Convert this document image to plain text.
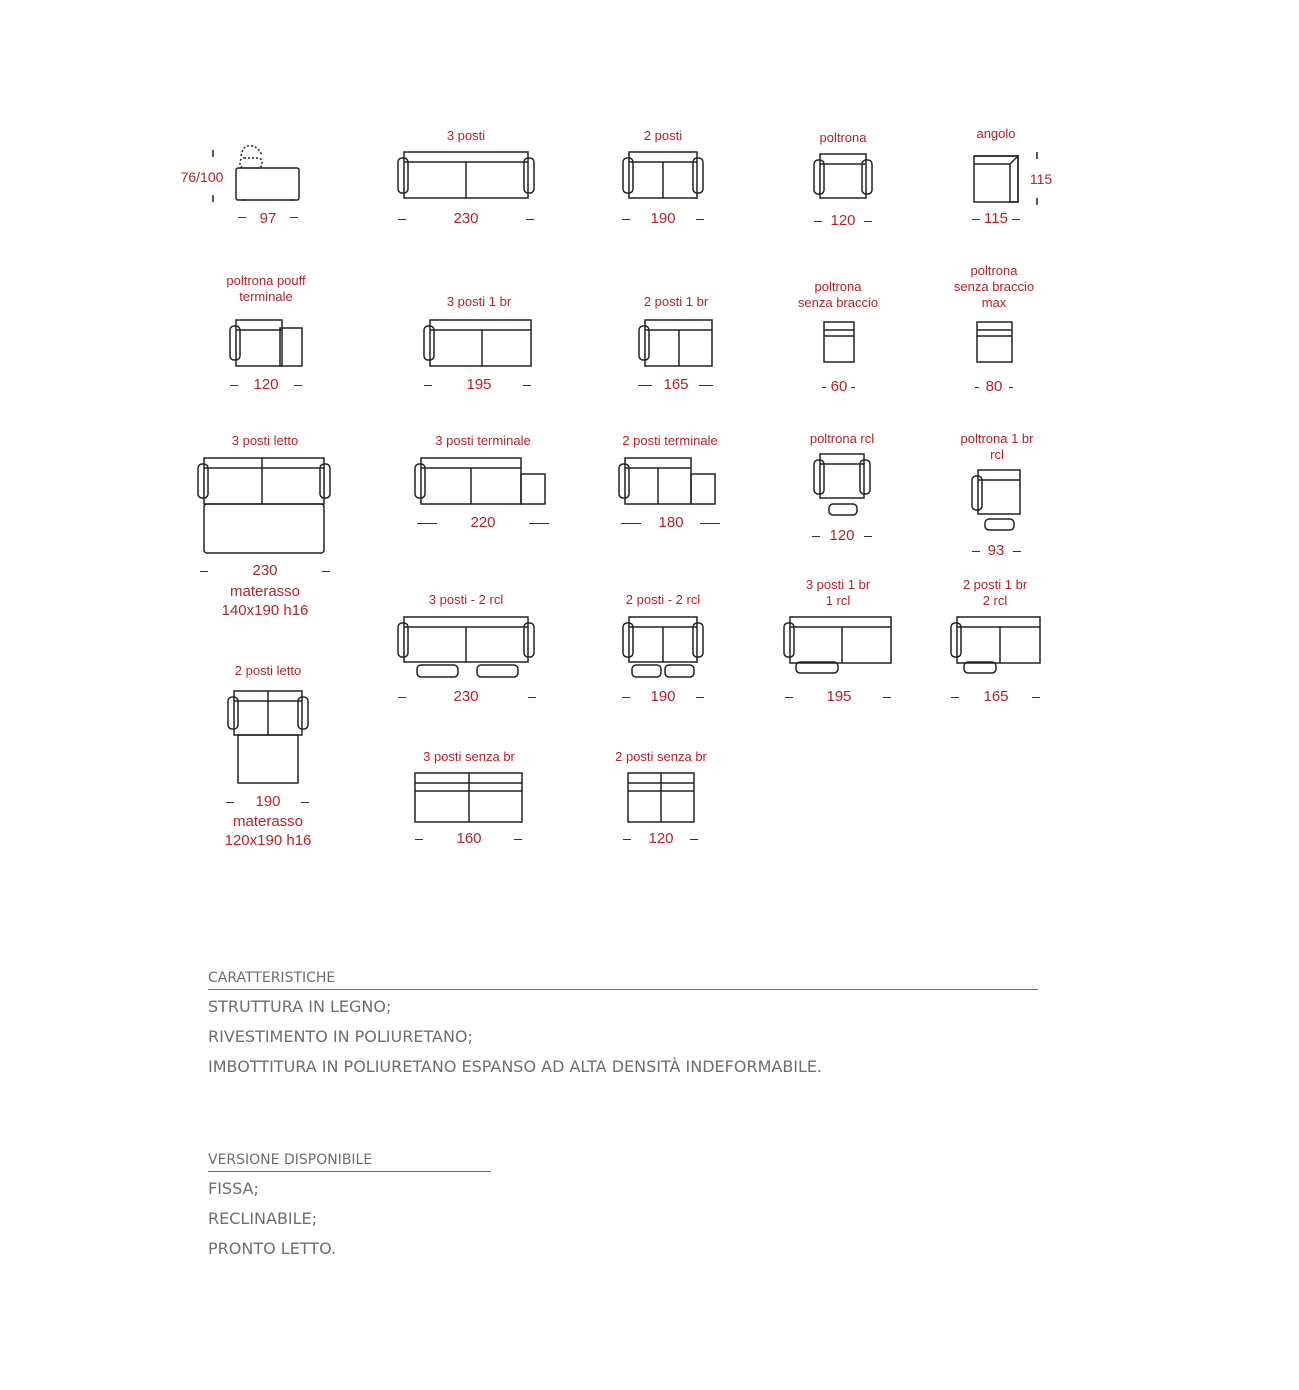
3 posti	2 posti	poltrona	angolo
poltrona pouff
terminale	3 posti 1 br	2 posti 1 br
poltrona
senza braccio
poltrona
senza braccio
max
3 posti letto	3 posti terminale	2 posti terminale	poltrona rcl	poltrona 1 br
rcl
3 posti - 2 rcl	2 posti - 2 rcl
3 posti 1 br
1 rcl
2 posti 1 br
2 rcl
2 posti letto
3 posti senza br	2 posti senza br
76/100
97	230	190	120	115
115
120	195	165	60	80
230
materasso
140x190 h16
220	180
120
93
230	190	195	165
190
materasso
120x190 h16	160	120
CARATTERISTICHE
STRUTTURA IN LEGNO;
RIVESTIMENTO IN POLIURETANO;
IMBOTTITURA IN POLIURETANO ESPANSO AD ALTA DENSITÀ INDEFORMABILE.
VERSIONE DISPONIBILE
FISSA;
RECLINABILE;
PRONTO LETTO.
